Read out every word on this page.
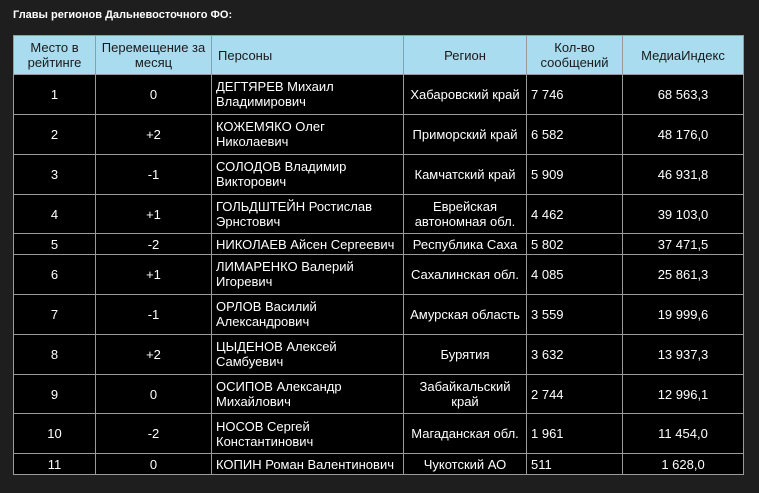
Главы регионов Дальневосточного ФО:
Место в рейтинге	Перемещение за месяц	Персоны	Регион	Кол-во сообщений	МедиаИндекс
1	0	ДЕГТЯРЕВ Михаил Владимирович	Хабаровский край	7 746	68 563,3
2	+2	КОЖЕМЯКО Олег Николаевич	Приморский край	6 582	48 176,0
3	-1	СОЛОДОВ Владимир Викторович	Камчатский край	5 909	46 931,8
4	+1	ГОЛЬДШТЕЙН Ростислав Эрнстович	Еврейская автономная обл.	4 462	39 103,0
5	-2	НИКОЛАЕВ Айсен Сергеевич	Республика Саха	5 802	37 471,5
6	+1	ЛИМАРЕНКО Валерий Игоревич	Сахалинская обл.	4 085	25 861,3
7	-1	ОРЛОВ Василий Александрович	Амурская область	3 559	19 999,6
8	+2	ЦЫДЕНОВ Алексей Самбуевич	Бурятия	3 632	13 937,3
9	0	ОСИПОВ Александр Михайлович	Забайкальский край	2 744	12 996,1
10	-2	НОСОВ Сергей Константинович	Магаданская обл.	1 961	11 454,0
11	0	КОПИН Роман Валентинович	Чукотский АО	511	1 628,0
